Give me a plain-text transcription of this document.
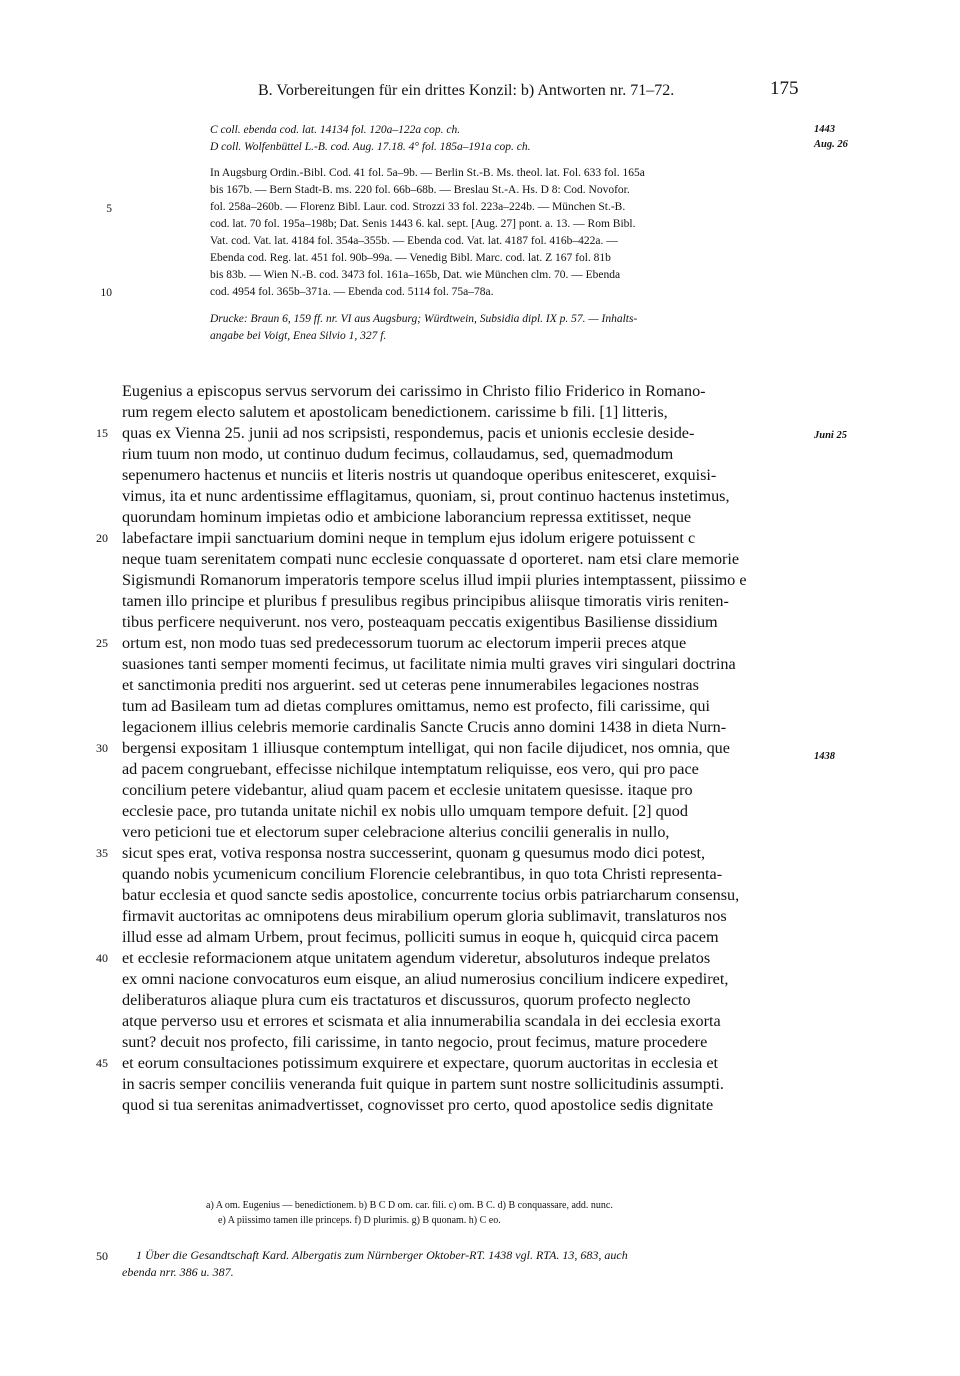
B. Vorbereitungen für ein drittes Konzil: b) Antworten nr. 71–72.	175
1443
Aug. 26
Juni 25
1438
C coll. ebenda cod. lat. 14134 fol. 120a–122a cop. ch.
D coll. Wolfenbüttel L.-B. cod. Aug. 17.18. 4° fol. 185a–191a cop. ch.
In Augsburg Ordin.-Bibl. Cod. 41 fol. 5a–9b. — Berlin St.-B. Ms. theol. lat. Fol. 633 fol. 165a
bis 167b. — Bern Stadt-B. ms. 220 fol. 66b–68b. — Breslau St.-A. Hs. D 8: Cod. Novofor.
fol. 258a–260b. — Florenz Bibl. Laur. cod. Strozzi 33 fol. 223a–224b. — München St.-B.
cod. lat. 70 fol. 195a–198b; Dat. Senis 1443 6. kal. sept. [Aug. 27] pont. a. 13. — Rom Bibl.
Vat. cod. Vat. lat. 4184 fol. 354a–355b. — Ebenda cod. Vat. lat. 4187 fol. 416b–422a. —
Ebenda cod. Reg. lat. 451 fol. 90b–99a. — Venedig Bibl. Marc. cod. lat. Z 167 fol. 81b
bis 83b. — Wien N.-B. cod. 3473 fol. 161a–165b, Dat. wie München clm. 70. — Ebenda
cod. 4954 fol. 365b–371a. — Ebenda cod. 5114 fol. 75a–78a.
Drucke: Braun 6, 159 ff. nr. VI aus Augsburg; Würdtwein, Subsidia dipl. IX p. 57. — Inhalts-
angabe bei Voigt, Enea Silvio 1, 327 f.
5
10
Eugenius a episcopus servus servorum dei carissimo in Christo filio Friderico in Romano-
rum regem electo salutem et apostolicam benedictionem. carissime b fili. [1] litteris,
quas ex Vienna 25. junii ad nos scripsisti, respondemus, pacis et unionis ecclesie deside-
rium tuum non modo, ut continuo dudum fecimus, collaudamus, sed, quemadmodum
sepenumero hactenus et nunciis et literis nostris ut quandoque operibus enitesceret, exquisi-
vimus, ita et nunc ardentissime efflagitamus, quoniam, si, prout continuo hactenus instetimus,
quorundam hominum impietas odio et ambicione laborancium repressa extitisset, neque
labefactare impii sanctuarium domini neque in templum ejus idolum erigere potuissent c
neque tuam serenitatem compati nunc ecclesie conquassate d oporteret. nam etsi clare memorie
Sigismundi Romanorum imperatoris tempore scelus illud impii pluries intemptassent, piissimo e
tamen illo principe et pluribus f presulibus regibus principibus aliisque timoratis viris reniten-
tibus perficere nequiverunt. nos vero, posteaquam peccatis exigentibus Basiliense dissidium
ortum est, non modo tuas sed predecessorum tuorum ac electorum imperii preces atque
suasiones tanti semper momenti fecimus, ut facilitate nimia multi graves viri singulari doctrina
et sanctimonia prediti nos arguerint. sed ut ceteras pene innumerabiles legaciones nostras
tum ad Basileam tum ad dietas complures omittamus, nemo est profecto, fili carissime, qui
legacionem illius celebris memorie cardinalis Sancte Crucis anno domini 1438 in dieta Nurn-
bergensi expositam 1 illiusque contemptum intelligat, qui non facile dijudicet, nos omnia, que
ad pacem congruebant, effecisse nichilque intemptatum reliquisse, eos vero, qui pro pace
concilium petere videbantur, aliud quam pacem et ecclesie unitatem quesisse. itaque pro
ecclesie pace, pro tutanda unitate nichil ex nobis ullo umquam tempore defuit. [2] quod
vero peticioni tue et electorum super celebracione alterius concilii generalis in nullo,
sicut spes erat, votiva responsa nostra successerint, quonam g quesumus modo dici potest,
quando nobis ycumenicum concilium Florencie celebrantibus, in quo tota Christi representa-
batur ecclesia et quod sancte sedis apostolice, concurrente tocius orbis patriarcharum consensu,
firmavit auctoritas ac omnipotens deus mirabilium operum gloria sublimavit, translaturos nos
illud esse ad almam Urbem, prout fecimus, polliciti sumus in eoque h, quicquid circa pacem
et ecclesie reformacionem atque unitatem agendum videretur, absoluturos indeque prelatos
ex omni nacione convocaturos eum eisque, an aliud numerosius concilium indicere expediret,
deliberaturos aliaque plura cum eis tractaturos et discussuros, quorum profecto neglecto
atque perverso usu et errores et scismata et alia innumerabilia scandala in dei ecclesia exorta
sunt? decuit nos profecto, fili carissime, in tanto negocio, prout fecimus, mature procedere
et eorum consultaciones potissimum exquirere et expectare, quorum auctoritas in ecclesia et
in sacris semper conciliis veneranda fuit quique in partem sunt nostre sollicitudinis assumpti.
quod si tua serenitas animadvertisset, cognovisset pro certo, quod apostolice sedis dignitate
15
20
25
30
35
40
45
a) A om. Eugenius — benedictionem. b) B C D om. car. fili. c) om. B C. d) B conquassare, add. nunc.
e) A piissimo tamen ille princeps. f) D plurimis. g) B quonam. h) C eo.
50 1 Über die Gesandtschaft Kard. Albergatis zum Nürnberger Oktober-RT. 1438 vgl. RTA. 13, 683, auch
ebenda nrr. 386 u. 387.
